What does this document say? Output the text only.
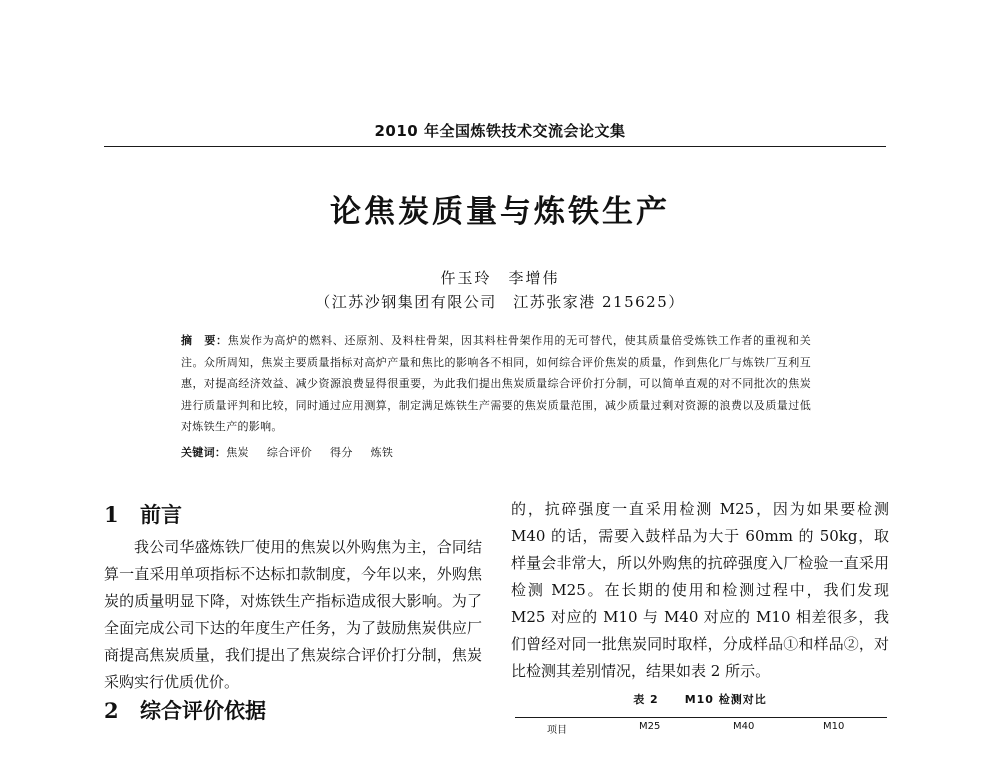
2010 年全国炼铁技术交流会论文集
论焦炭质量与炼铁生产
仵玉玲　李增伟
（江苏沙钢集团有限公司　江苏张家港 215625）
摘　要：焦炭作为高炉的燃料、还原剂、及料柱骨架，因其料柱骨架作用的无可替代，使其质量倍受炼铁工作者的重视和关注。众所周知，焦炭主要质量指标对高炉产量和焦比的影响各不相同，如何综合评价焦炭的质量，作到焦化厂与炼铁厂互利互惠，对提高经济效益、减少资源浪费显得很重要，为此我们提出焦炭质量综合评价打分制，可以简单直观的对不同批次的焦炭进行质量评判和比较，同时通过应用测算，制定满足炼铁生产需要的焦炭质量范围，减少质量过剩对资源的浪费以及质量过低对炼铁生产的影响。
关键词：焦炭 综合评价 得分 炼铁
1 前言

我公司华盛炼铁厂使用的焦炭以外购焦为主，合同结算一直采用单项指标不达标扣款制度，今年以来，外购焦炭的质量明显下降，对炼铁生产指标造成很大影响。为了全面完成公司下达的年度生产任务，为了鼓励焦炭供应厂商提高焦炭质量，我们提出了焦炭综合评价打分制，焦炭采购实行优质优价。

2 综合评价依据

的，抗碎强度一直采用检测 M25，因为如果要检测 M40 的话，需要入鼓样品为大于 60mm 的 50kg，取样量会非常大，所以外购焦的抗碎强度入厂检验一直采用检测 M25。在长期的使用和检测过程中，我们发现 M25 对应的 M10 与 M40 对应的 M10 相差很多，我们曾经对同一批焦炭同时取样，分成样品①和样品②，对比检测其差别情况，结果如表 2 所示。

表 2 M10 检测对比
项目	M25	M40	M10
